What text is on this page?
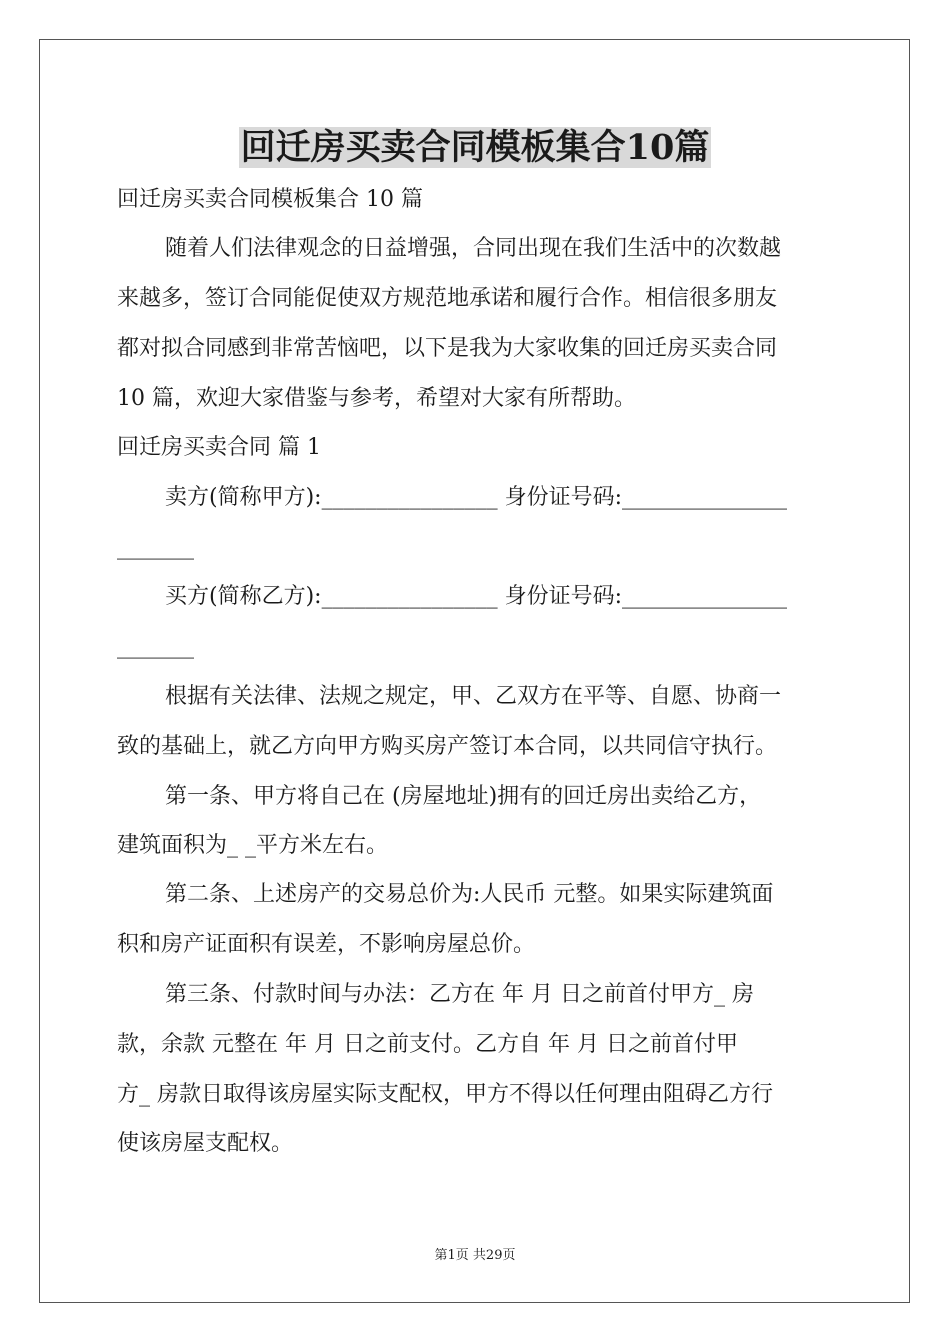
回迁房买卖合同模板集合10篇

回迁房买卖合同模板集合 10 篇

随着人们法律观念的日益增强，合同出现在我们生活中的次数越

来越多，签订合同能促使双方规范地承诺和履行合作。相信很多朋友

都对拟合同感到非常苦恼吧，以下是我为大家收集的回迁房买卖合同

10 篇，欢迎大家借鉴与参考，希望对大家有所帮助。

回迁房买卖合同 篇 1

卖方(简称甲方):________________ 身份证号码:_______________

_______

买方(简称乙方):________________ 身份证号码:_______________

_______

根据有关法律、法规之规定，甲、乙双方在平等、自愿、协商一

致的基础上，就乙方向甲方购买房产签订本合同，以共同信守执行。

第一条、甲方将自己在 (房屋地址)拥有的回迁房出卖给乙方，

建筑面积为_ _平方米左右。

第二条、上述房产的交易总价为:人民币 元整。如果实际建筑面

积和房产证面积有误差，不影响房屋总价。

第三条、付款时间与办法：乙方在 年 月 日之前首付甲方_ 房

款，余款 元整在 年 月 日之前支付。乙方自 年 月 日之前首付甲

方_ 房款日取得该房屋实际支配权，甲方不得以任何理由阻碍乙方行

使该房屋支配权。

第1页 共29页
